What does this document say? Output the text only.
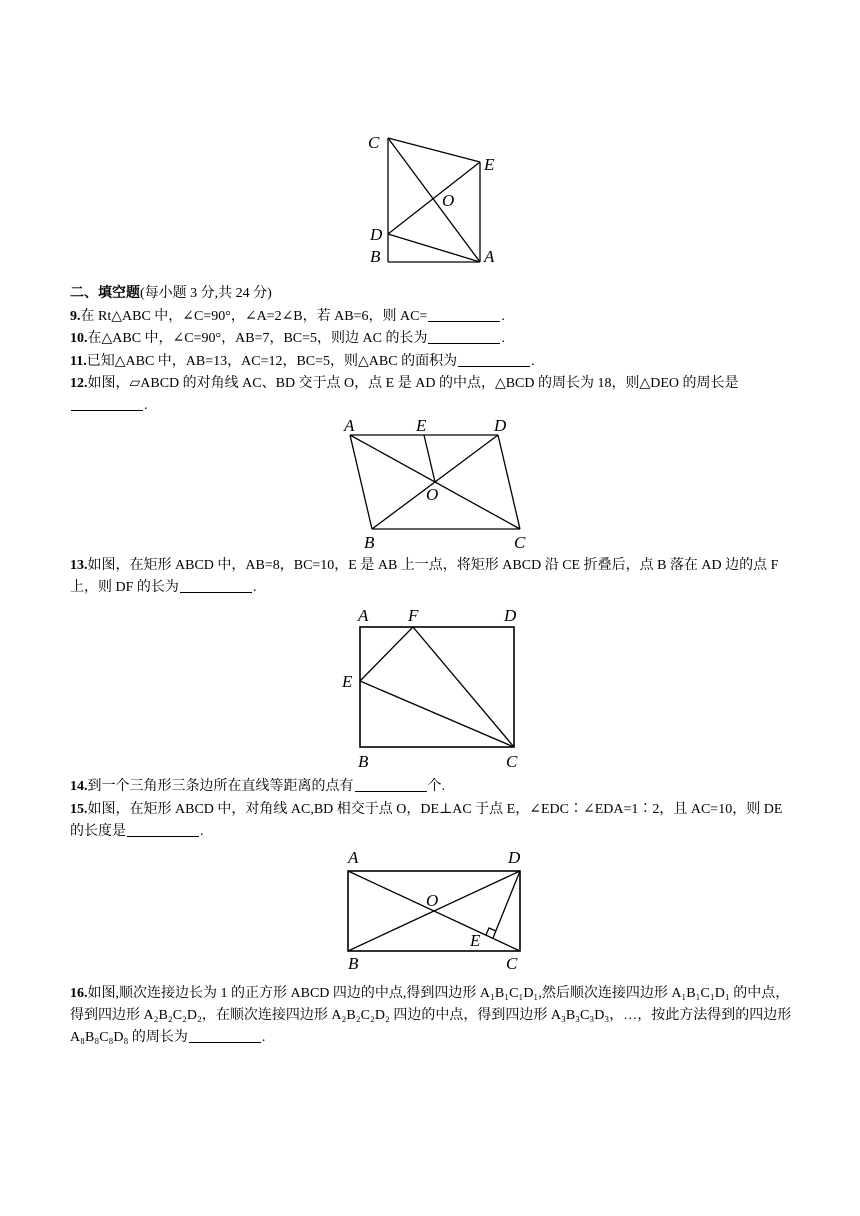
C
E
O
D
B	A
二、填空题(每小题 3 分,共 24 分)
9.在 Rt△ABC 中，∠C=90°，∠A=2∠B，若 AB=6，则 AC=	.
10.在△ABC 中，∠C=90°，AB=7，BC=5，则边 AC 的长为	.
11.已知△ABC 中，AB=13，AC=12，BC=5，则△ABC 的面积为	.
12.如图，▱ABCD 的对角线 AC、BD 交于点 O，点 E 是 AD 的中点，△BCD 的周长为 18，则△DEO 的周长是.
A	E	D
O
B	C
13.如图，在矩形 ABCD 中，AB=8，BC=10，E 是 AB 上一点，将矩形 ABCD 沿 CE 折叠后，点 B 落在 AD 边的点 F 上，则 DF 的长为	.
A F	D
E
B	C
14.到一个三角形三条边所在直线等距离的点有	个.
15.如图，在矩形 ABCD 中，对角线 AC,BD 相交于点 O，DE⊥AC 于点 E，∠EDC∶∠EDA=1∶2，且 AC=10，则 DE 的长度是	.
A	D
O
E
B	C
16.如图,顺次连接边长为 1 的正方形 ABCD 四边的中点,得到四边形 A₁B₁C₁D₁,然后顺次连接四边形 A₁B₁C₁D₁ 的中点，得到四边形 A₂B₂C₂D₂，在顺次连接四边形 A₂B₂C₂D₂ 四边的中点，得到四边形 A₃B₃C₃D₃，…，按此方法得到的四边形 A₈B₈C₈D₈ 的周长为	.
